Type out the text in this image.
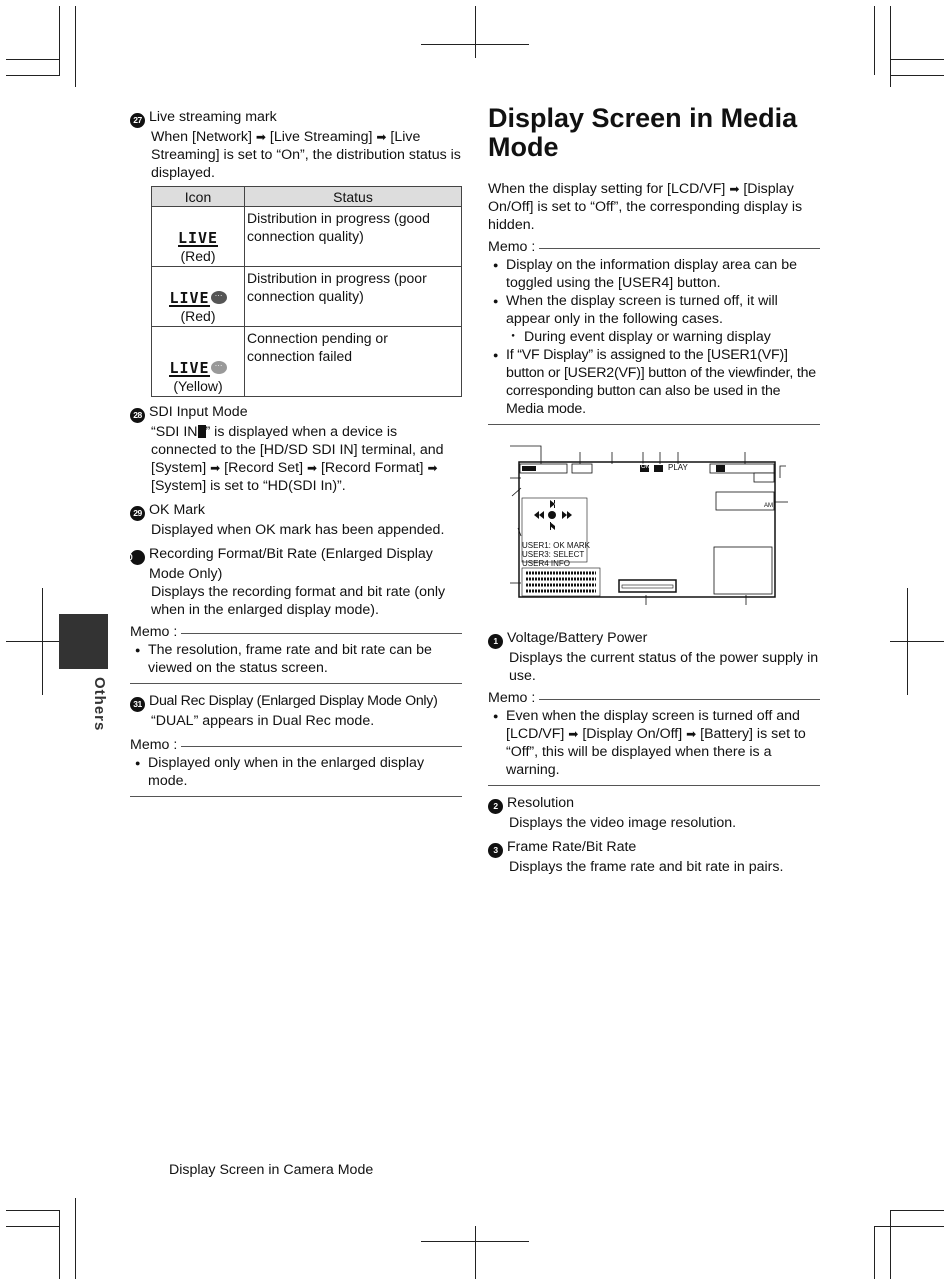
Others

27 Live streaming mark

When [Network] ➡ [Live Streaming] ➡ [Live Streaming] is set to “On”, the distribution status is displayed.

Icon	Status
LIVE
(Red)	Distribution in progress (good connection quality)
LIVE ···
(Red)	Distribution in progress (poor connection quality)
LIVE ···
(Yellow)	Connection pending or connection failed

28 SDI Input Mode

“SDI IN ” is displayed when a device is connected to the [HD/SD SDI IN] terminal, and [System] ➡ [Record Set] ➡ [Record Format] ➡ [System] is set to “HD(SDI In)”.

29 OK Mark

Displayed when OK mark has been appended.

30 Recording Format/Bit Rate (Enlarged Display Mode Only)

Displays the recording format and bit rate (only when in the enlarged display mode).

Memo :
● The resolution, frame rate and bit rate can be viewed on the status screen.

31 Dual Rec Display (Enlarged Display Mode Only)

“DUAL” appears in Dual Rec mode.

Memo :
● Displayed only when in the enlarged display mode.
Display Screen in Media Mode

When the display setting for [LCD/VF] ➡ [Display On/Off] is set to “Off”, the corresponding display is hidden.

Memo :
● Display on the information display area can be toggled using the [USER4] button.
● When the display screen is turned off, it will appear only in the following cases.
・ During event display or warning display
● If “VF Display” is assigned to the [USER1(VF)] button or [USER2(VF)] button of the viewfinder, the corresponding button can also be used in the Media mode.
PLAY
OK
AM
USER1: OK MARK
USER3: SELECT
USER4 INFO

1 Voltage/Battery Power

Displays the current status of the power supply in use.

Memo :
● Even when the display screen is turned off and [LCD/VF] ➡ [Display On/Off] ➡ [Battery] is set to “Off”, this will be displayed when there is a warning.

2 Resolution

Displays the video image resolution.

3 Frame Rate/Bit Rate

Displays the frame rate and bit rate in pairs.

Display Screen in Camera Mode
